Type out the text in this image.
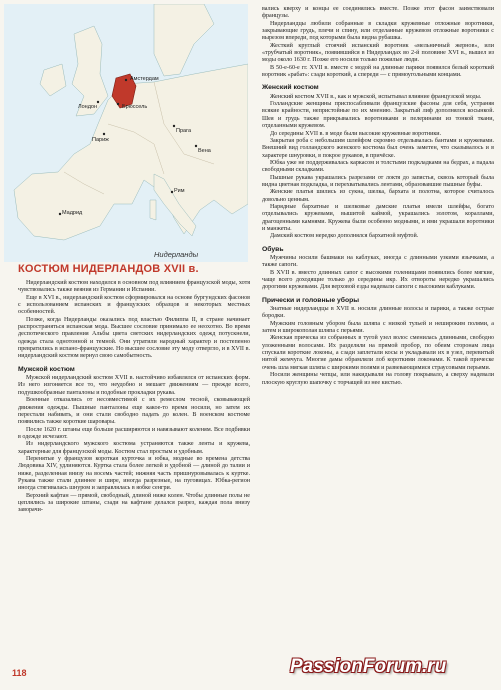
Амстердам
Лондон	Брюссель
Париж
Прага
Вена
Мадрид
Рим
Нидерланды
КОСТЮМ НИДЕРЛАНДОВ XVII в.

Нидерландский костюм находился в основном под влиянием французской моды, хотя чувствовались также веяния из Германии и Испании.

Еще в XVI в., нидерландский костюм сформировался на основе бургундских фасонов с использованием испанских и французских образцов и некоторых местных особенностей.

Позже, когда Нидерланды оказались под властью Филиппа II, в стране начинает распространяться испанская мода. Высшее сословие принимало ее неохотно. Во время деспотического правления Альбы цвета светских нидерландских одежд потускнели, одежда стала однотонной и темной. Они утратили народный характер и постепенно превратились в испано-французские. Но высшее сословие эту моду отвергло, и в XVII в. нидерландский костюм вернул свою самобытность.

Мужской костюм

Мужской нидерландский костюм XVII в. настойчиво избавлялся от испанских форм. Из него изгоняется все то, что неудобно и мешает движениям — прежде всего, подушкообразные панталоны и подобные прокладки рукава.

Военные отказались от несовместимой с их ремеслом тесной, сковывающей движения одежды. Пышные панталоны еще какое-то время носили, но затем их перестали набивать, и они стали свободно падать до колен. В военском костюме появились также короткие шаровары.

После 1620 г. штаны еще больше расширяются и навязывают коленям. Все подбивки в одежде исчезают.

Из нидерландского мужского костюма устраняются также ленты и кружева, характерные для французской моды. Костюм стал простым и удобным.

Перенятые у французов короткая курточка и юбка, модные во времена детства Людовика XIV, удлиняются. Куртка стала более легкой и удобной — длиной до талии и ниже, разделенная внизу на восемь частей; нижняя часть пришнуровывалась к куртке. Рукава также стали длиннее и шире, иногда разрезные, на пуговицах. Юбка-регион иногда стягивалась шнуром и заправлялась в яобке сенгри.

Верхний кафтан — прямой, свободный, длиной ниже колен. Чтобы длинные полы не цеплялись за широкие штаны, сзади на кафтане делался разрез, каждая пола внизу заворачи-

вались кверху и концы ее соединялись вместе. Позже этот фасон заимствовали французы.

Нидерландцы любили собранные в складки кружевные отложные воротники, закрывающие грудь, плечи и спину, или отделанные кружевом отложные воротники с вырезом впереди, под которыми была видна рубашка.

Жесткий круглый стоячий испанский воротник «мельничный жернов», или «трубчатый воротник», появившийся в Нидерландах во 2-й половине XVI в., вышел из моды около 1630 г. Позже его носили только пожилые люди.

В 50-е-60-е гг. XVII в. вместе с модой на длинные парики появился белый короткий воротник «рабат»: сзади короткий, а спереди — с прямоугольными концами.

Женский костюм

Женский костюм XVII в., как и мужской, испытывал влияние французской моды.

Голландские женщины приспосабливали французские фасоны для себя, устраняя всякие крайности, непристойные по их мнению. Закрытый лиф дополнялся косынкой. Шея и грудь также прикрывались воротниками и пелеринами из тонкой ткани, отделанными кружевом.

До середины XVII в. в моде были высокие кружевные воротники.

Закрытая роба с небольшим шлейфом скромно отделывалась бантами и кружевами. Внешний вид голландского женского костюма был очень заметен, что сказывалось и в характере шнуровки, в покрое рукавов, в причёске.

Юбка уже не поддерживалась каркасом и толстыми подкладками на бедрах, а падала свободными складками.

Пышные рукава украшались разрезами от локтя до запястья, сквозь который была видна цветная подкладка, и перехватывались лентами, образовавшие пышные буфы.

Женские платья шились из сукна, шелка, бархата и полотна, которое считалось довольно ценным.

Нарядные бархатные и шелковые дамские платья имели шлейфы, богато отделывались кружевами, вышитой каймой, украшались золотом, кораллами, драгоценными камнями. Кружева были особенно модными, и ими украшали воротники и манжеты.

Дамский костюм нередко дополнялся бархатной муфтой.

Обувь

Мужчины носили башмаки на каблуках, иногда с длинными узкими язычками, а также сапоги.

В XVII в. вместо длинных сапог с высокими голенищами появились более мягкие, чаще всего доходящие только до середины икр. Их отвороты нередко украшались дорогими кружевами. Для верховой езды надевали сапоги с высокими каблуками.

Прически и головные уборы

Знатные нидерландцы в XVII в. носили длинные волосы и парики, а также острые бородки.

Мужским головным убором была шляпа с низкой тульей и нешироким полями, а затем и широкополая шляпа с перьями.

Женская прическа из собранных в тугой узел волос сменилась длинными, свободно уложенными волосами. Их разделяли на прямой пробор, по обеим сторонам лица спускали короткие локоны, а сзади заплетали косы и укладывали их в узел, перевитый нитой жемчуга. Многие дамы обрамляли лоб короткими локонами. К такой прическе очень шла мягкая шляпа с широкими полями и развевающимися страусовыми перьями.

Носили женщины чепцы, или накидывали на голову покрывало, а сверху надевали плоскую круглую шапочку с торчащей из нее кистью.

118	PassionForum.ru
